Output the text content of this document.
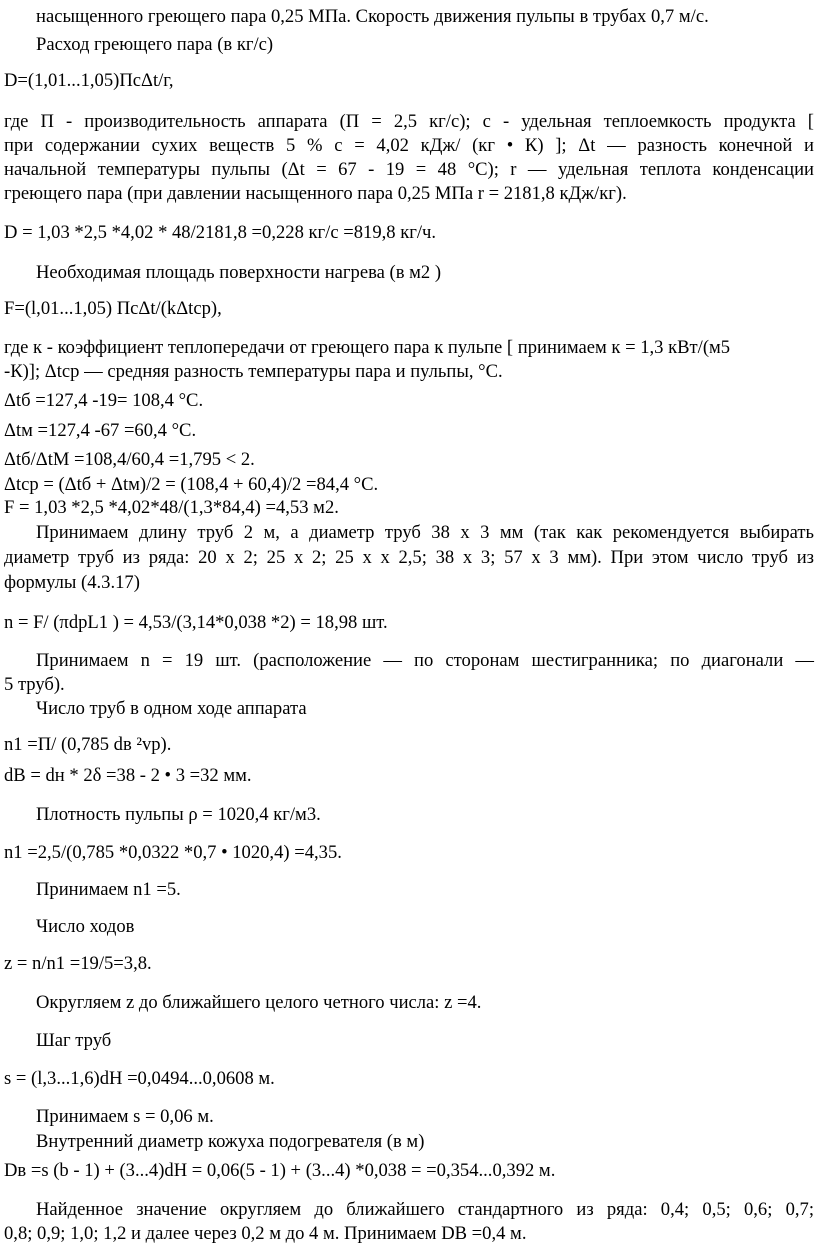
насыщенного греющего пара 0,25 МПа. Скорость движения пульпы в трубах 0,7 м/с.
Расход греющего пара (в кг/с)
D=(1,01...1,05)ПсΔt/г,
где П - производительность аппарата (П = 2,5 кг/с); с - удельная теплоемкость продукта [
при содержании сухих веществ 5 % с = 4,02 кДж/ (кг • К) ]; Δt — разность конечной и
начальной температуры пульпы (Δt = 67 - 19 = 48 °С); r — удельная теплота конденсации
греющего пара (при давлении насыщенного пара 0,25 МПа r = 2181,8 кДж/кг).
D = 1,03 *2,5 *4,02 * 48/2181,8 =0,228 кг/с =819,8 кг/ч.
Необходимая площадь поверхности нагрева (в м2 )
F=(l,01...1,05) ПсΔt/(kΔtср),
где к - коэффициент теплопередачи от греющего пара к пульпе [ принимаем к = 1,3 кВт/(м5
-К)]; Δtср — средняя разность температуры пара и пульпы, °С.
Δtб =127,4 -19= 108,4 °С.
Δtм =127,4 -67 =60,4 °С.
Δtб/ΔtМ =108,4/60,4 =1,795 < 2.
Δtср = (Δtб + Δtм)/2 = (108,4 + 60,4)/2 =84,4 °С.
F = 1,03 *2,5 *4,02*48/(1,3*84,4) =4,53 м2.
Принимаем длину труб 2 м, а диаметр труб 38 х 3 мм (так как рекомендуется выбирать
диаметр труб из ряда: 20 х 2; 25 х 2; 25 х х 2,5; 38 х 3; 57 х 3 мм). При этом число труб из
формулы (4.3.17)
n = F/ (πdpL1 ) = 4,53/(3,14*0,038 *2) = 18,98 шт.
Принимаем n = 19 шт. (расположение — по сторонам шестигранника; по диагонали —
5 труб).
Число труб в одном ходе аппарата
n1 =П/ (0,785 dв ²vр).
dВ = dн * 2δ =38 - 2 • 3 =32 мм.
Плотность пульпы ρ = 1020,4 кг/м3.
n1 =2,5/(0,785 *0,0322 *0,7 • 1020,4) =4,35.
Принимаем n1 =5.
Число ходов
z = n/n1 =19/5=3,8.
Округляем z до ближайшего целого четного числа: z =4.
Шаг труб
s = (l,3...1,6)dН =0,0494...0,0608 м.
Принимаем s = 0,06 м.
Внутренний диаметр кожуха подогревателя (в м)
Dв =s (b - 1) + (3...4)dН = 0,06(5 - 1) + (3...4) *0,038 = =0,354...0,392 м.
Найденное значение округляем до ближайшего стандартного из ряда: 0,4; 0,5; 0,6; 0,7;
0,8; 0,9; 1,0; 1,2 и далее через 0,2 м до 4 м. Принимаем DВ =0,4 м.
